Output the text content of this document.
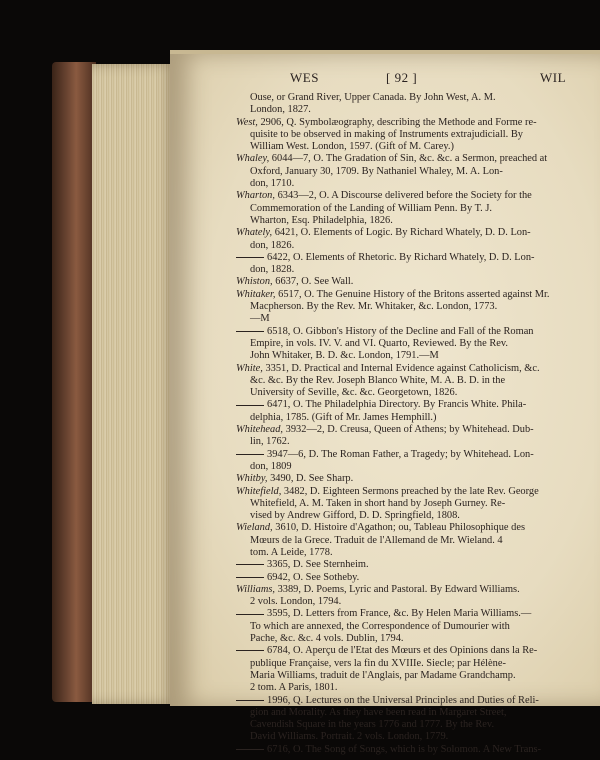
WES	[ 92 ]	WIL
Ouse, or Grand River, Upper Canada. By John West, A. M.
London, 1827.
West, 2906, Q. Symbolæography, describing the Methode and Forme re-
quisite to be observed in making of Instruments extrajudiciall. By
William West. London, 1597. (Gift of M. Carey.)
Whaley, 6044—7, O. The Gradation of Sin, &c. &c. a Sermon, preached at
Oxford, January 30, 1709. By Nathaniel Whaley, M. A. Lon-
don, 1710.
Wharton, 6343—2, O. A Discourse delivered before the Society for the
Commemoration of the Landing of William Penn. By T. J.
Wharton, Esq. Philadelphia, 1826.
Whately, 6421, O. Elements of Logic. By Richard Whately, D. D. Lon-
don, 1826.
6422, O. Elements of Rhetoric. By Richard Whately, D. D. Lon-
don, 1828.
Whiston, 6637, O. See Wall.
Whitaker, 6517, O. The Genuine History of the Britons asserted against Mr.
Macpherson. By the Rev. Mr. Whitaker, &c. London, 1773.
—M
6518, O. Gibbon's History of the Decline and Fall of the Roman
Empire, in vols. IV. V. and VI. Quarto, Reviewed. By the Rev.
John Whitaker, B. D. &c. London, 1791.—M
White, 3351, D. Practical and Internal Evidence against Catholicism, &c.
&c. &c. By the Rev. Joseph Blanco White, M. A. B. D. in the
University of Seville, &c. &c. Georgetown, 1826.
6471, O. The Philadelphia Directory. By Francis White. Phila-
delphia, 1785. (Gift of Mr. James Hemphill.)
Whitehead, 3932—2, D. Creusa, Queen of Athens; by Whitehead. Dub-
lin, 1762.
3947—6, D. The Roman Father, a Tragedy; by Whitehead. Lon-
don, 1809
Whitby, 3490, D. See Sharp.
Whitefield, 3482, D. Eighteen Sermons preached by the late Rev. George
Whitefield, A. M. Taken in short hand by Joseph Gurney. Re-
vised by Andrew Gifford, D. D. Springfield, 1808.
Wieland, 3610, D. Histoire d'Agathon; ou, Tableau Philosophique des
Mœurs de la Grece. Traduit de l'Allemand de Mr. Wieland. 4
tom. A Leide, 1778.
3365, D. See Sternheim.
6942, O. See Sotheby.
Williams, 3389, D. Poems, Lyric and Pastoral. By Edward Williams.
2 vols. London, 1794.
3595, D. Letters from France, &c. By Helen Maria Williams.—
To which are annexed, the Correspondence of Dumourier with
Pache, &c. &c. 4 vols. Dublin, 1794.
6784, O. Aperçu de l'Etat des Mœurs et des Opinions dans la Re-
publique Française, vers la fin du XVIIIe. Siecle; par Hélène-
Maria Williams, traduit de l'Anglais, par Madame Grandchamp.
2 tom. A Paris, 1801.
1996, Q. Lectures on the Universal Principles and Duties of Reli-
gion and Morality. As they have been read in Margaret Street,
Cavendish Square in the years 1776 and 1777. By the Rev.
David Williams. Portrait. 2 vols. London, 1779.
6716, O. The Song of Songs, which is by Solomon. A New Trans-
